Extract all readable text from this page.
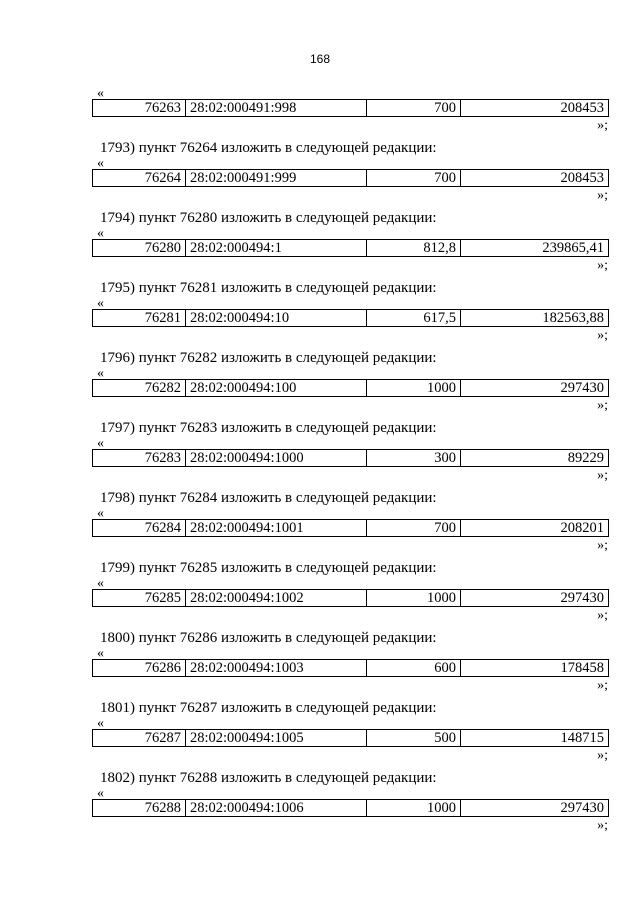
168
«
76263 28:02:000491:998	700	208453
»;
1793) пункт 76264 изложить в следующей редакции:
«
76264 28:02:000491:999	700	208453
»;
1794) пункт 76280 изложить в следующей редакции:
«
76280 28:02:000494:1	812,8	239865,41
»;
1795) пункт 76281 изложить в следующей редакции:
«
76281 28:02:000494:10	617,5	182563,88
»;
1796) пункт 76282 изложить в следующей редакции:
«
76282 28:02:000494:100	1000	297430
»;
1797) пункт 76283 изложить в следующей редакции:
«
76283 28:02:000494:1000	300	89229
»;
1798) пункт 76284 изложить в следующей редакции:
«
76284 28:02:000494:1001	700	208201
»;
1799) пункт 76285 изложить в следующей редакции:
«
76285 28:02:000494:1002	1000	297430
»;
1800) пункт 76286 изложить в следующей редакции:
«
76286 28:02:000494:1003	600	178458
»;
1801) пункт 76287 изложить в следующей редакции:
«
76287 28:02:000494:1005	500	148715
»;
1802) пункт 76288 изложить в следующей редакции:
«
76288 28:02:000494:1006	1000	297430
»;
